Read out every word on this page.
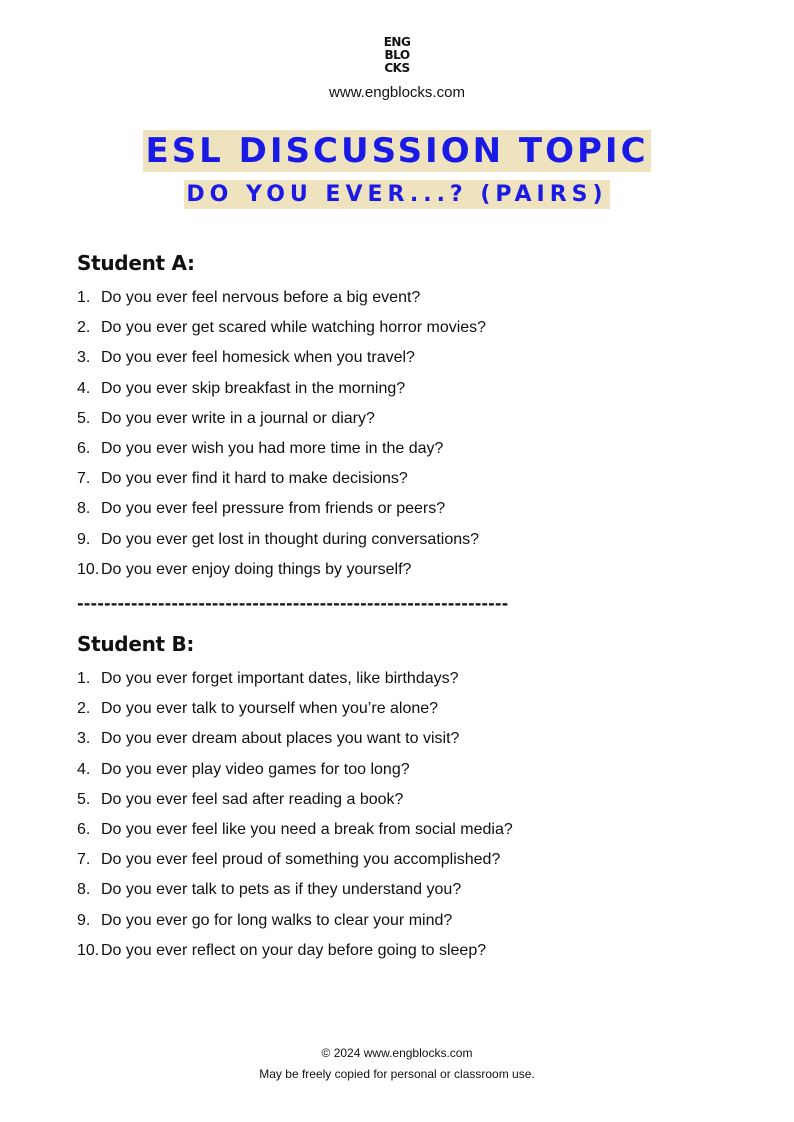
ENG
BLO
CKS
www.engblocks.com
ESL DISCUSSION TOPIC
DO YOU EVER...? (PAIRS)
Student A:
1. Do you ever feel nervous before a big event?
2. Do you ever get scared while watching horror movies?
3. Do you ever feel homesick when you travel?
4. Do you ever skip breakfast in the morning?
5. Do you ever write in a journal or diary?
6. Do you ever wish you had more time in the day?
7. Do you ever find it hard to make decisions?
8. Do you ever feel pressure from friends or peers?
9. Do you ever get lost in thought during conversations?
10. Do you ever enjoy doing things by yourself?
----------------------------------------------------------------
Student B:
1. Do you ever forget important dates, like birthdays?
2. Do you ever talk to yourself when you’re alone?
3. Do you ever dream about places you want to visit?
4. Do you ever play video games for too long?
5. Do you ever feel sad after reading a book?
6. Do you ever feel like you need a break from social media?
7. Do you ever feel proud of something you accomplished?
8. Do you ever talk to pets as if they understand you?
9. Do you ever go for long walks to clear your mind?
10. Do you ever reflect on your day before going to sleep?
© 2024 www.engblocks.com
May be freely copied for personal or classroom use.
